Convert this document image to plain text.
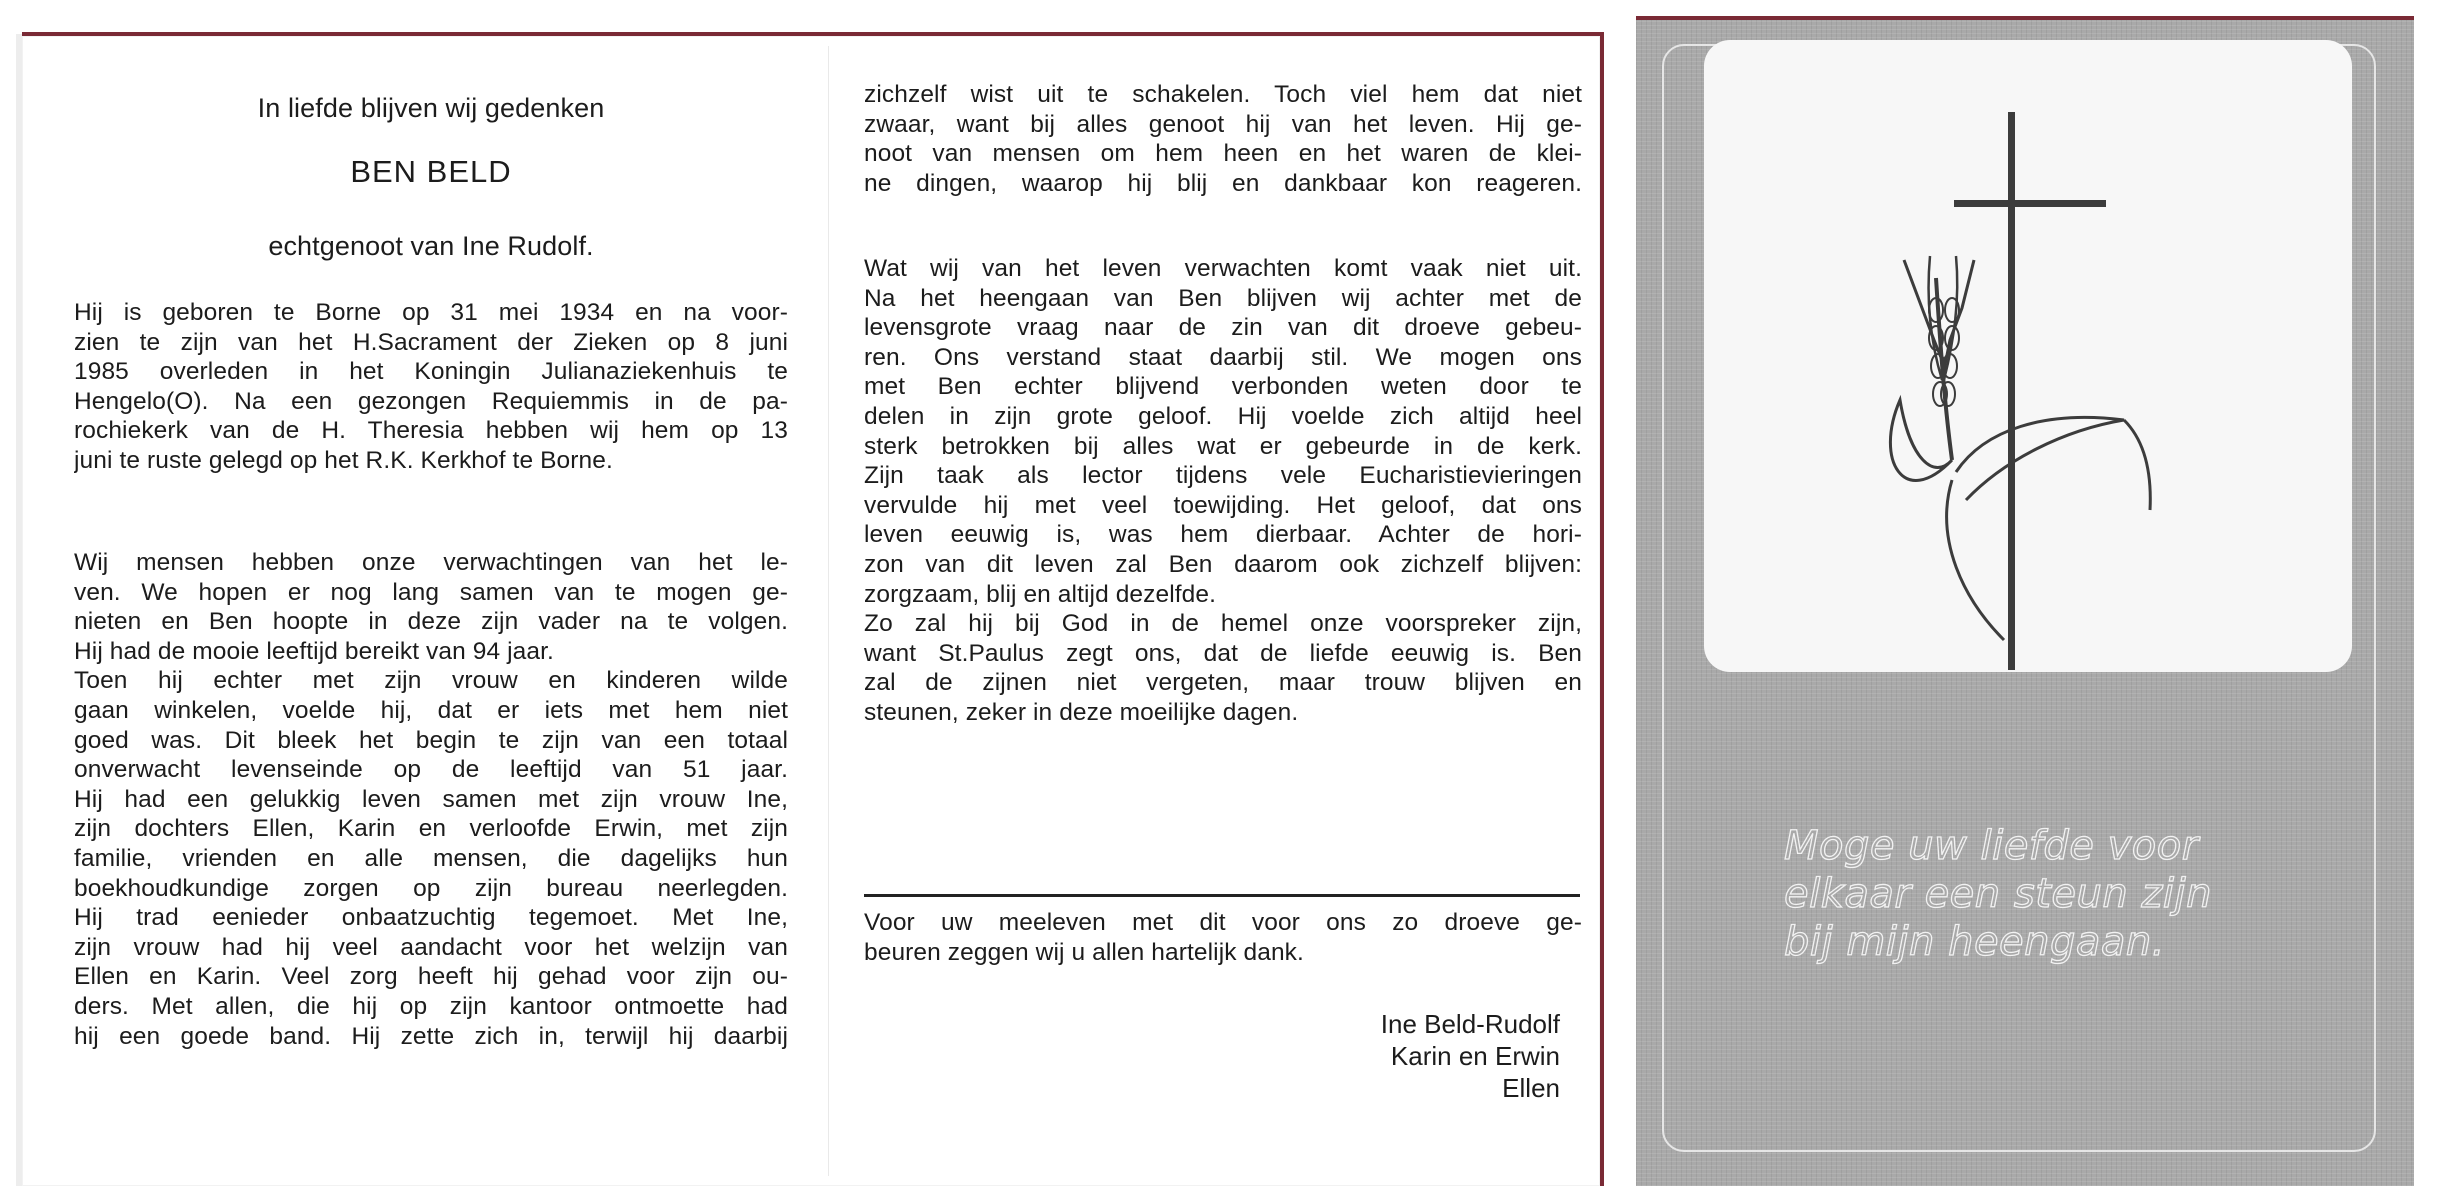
In liefde blijven wij gedenken
BEN BELD
echtgenoot van Ine Rudolf.
Hij is geboren te Borne op 31 mei 1934 en na voor-
zien te zijn van het H.Sacrament der Zieken op 8 juni
1985 overleden in het Koningin Julianaziekenhuis te
Hengelo(O). Na een gezongen Requiemmis in de pa-
rochiekerk van de H. Theresia hebben wij hem op 13
juni te ruste gelegd op het R.K. Kerkhof te Borne.
Wij mensen hebben onze verwachtingen van het le-
ven. We hopen er nog lang samen van te mogen ge-
nieten en Ben hoopte in deze zijn vader na te volgen.
Hij had de mooie leeftijd bereikt van 94 jaar.
Toen hij echter met zijn vrouw en kinderen wilde
gaan winkelen, voelde hij, dat er iets met hem niet
goed was. Dit bleek het begin te zijn van een totaal
onverwacht levenseinde op de leeftijd van 51 jaar.
Hij had een gelukkig leven samen met zijn vrouw Ine,
zijn dochters Ellen, Karin en verloofde Erwin, met zijn
familie, vrienden en alle mensen, die dagelijks hun
boekhoudkundige zorgen op zijn bureau neerlegden.
Hij trad eenieder onbaatzuchtig tegemoet. Met Ine,
zijn vrouw had hij veel aandacht voor het welzijn van
Ellen en Karin. Veel zorg heeft hij gehad voor zijn ou-
ders. Met allen, die hij op zijn kantoor ontmoette had
hij een goede band. Hij zette zich in, terwijl hij daarbij
zichzelf wist uit te schakelen. Toch viel hem dat niet
zwaar, want bij alles genoot hij van het leven. Hij ge-
noot van mensen om hem heen en het waren de klei-
ne dingen, waarop hij blij en dankbaar kon reageren.
Wat wij van het leven verwachten komt vaak niet uit.
Na het heengaan van Ben blijven wij achter met de
levensgrote vraag naar de zin van dit droeve gebeu-
ren. Ons verstand staat daarbij stil. We mogen ons
met Ben echter blijvend verbonden weten door te
delen in zijn grote geloof. Hij voelde zich altijd heel
sterk betrokken bij alles wat er gebeurde in de kerk.
Zijn taak als lector tijdens vele Eucharistievieringen
vervulde hij met veel toewijding. Het geloof, dat ons
leven eeuwig is, was hem dierbaar. Achter de hori-
zon van dit leven zal Ben daarom ook zichzelf blijven:
zorgzaam, blij en altijd dezelfde.
Zo zal hij bij God in de hemel onze voorspreker zijn,
want St.Paulus zegt ons, dat de liefde eeuwig is. Ben
zal de zijnen niet vergeten, maar trouw blijven en
steunen, zeker in deze moeilijke dagen.
Voor uw meeleven met dit voor ons zo droeve ge-
beuren zeggen wij u allen hartelijk dank.
Ine Beld-Rudolf
Karin en Erwin
Ellen
Moge uw liefde voor
elkaar een steun zijn
bij mijn heengaan.
